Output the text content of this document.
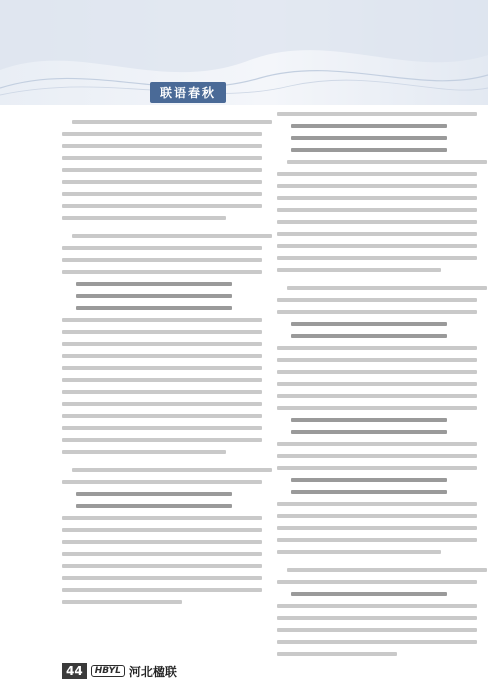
联语春秋
44	HBYL 河北楹联
